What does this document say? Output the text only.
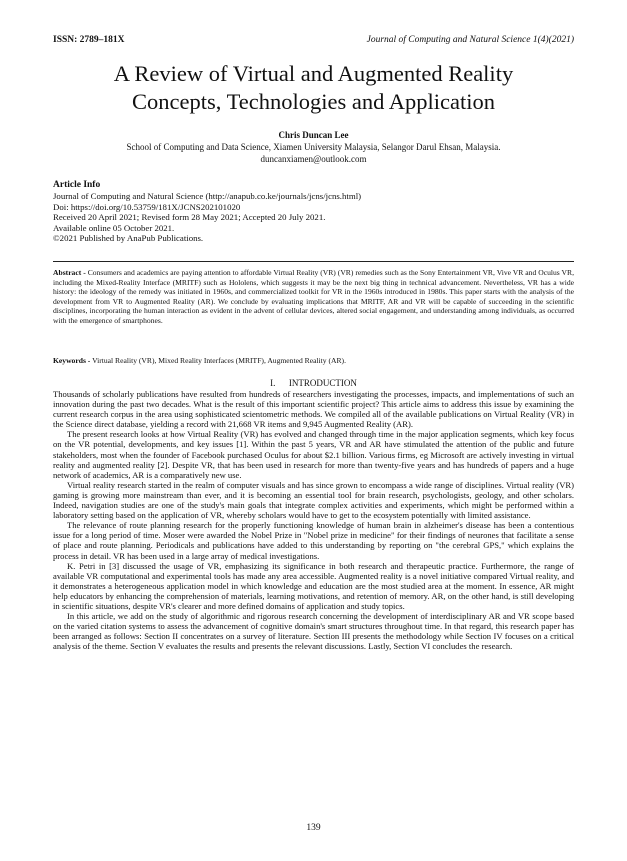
ISSN: 2789–181X	Journal of Computing and Natural Science 1(4)(2021)
A Review of Virtual and Augmented Reality
Concepts, Technologies and Application
Chris Duncan Lee
School of Computing and Data Science, Xiamen University Malaysia, Selangor Darul Ehsan, Malaysia.
duncanxiamen@outlook.com
Article Info
Journal of Computing and Natural Science (http://anapub.co.ke/journals/jcns/jcns.html)
Doi: https://doi.org/10.53759/181X/JCNS202101020
Received 20 April 2021; Revised form 28 May 2021; Accepted 20 July 2021.
Available online 05 October 2021.
©2021 Published by AnaPub Publications.
Abstract - Consumers and academics are paying attention to affordable Virtual Reality (VR) (VR) remedies such as the Sony Entertainment VR, Vive VR and Oculus VR, including the Mixed-Reality Interface (MRITF) such as Hololens, which suggests it may be the next big thing in technical advancement. Nevertheless, VR has a wide history: the ideology of the remedy was initiated in 1960s, and commercialized toolkit for VR in the 1960s introduced in 1980s. This paper starts with the analysis of the development from VR to Augmented Reality (AR). We conclude by evaluating implications that MRITF, AR and VR will be capable of succeeding in the scientific disciplines, incorporating the human interaction as evident in the advent of cellular devices, altered social engagement, and understanding among individuals, as occurred with the emergence of smartphones.
Keywords - Virtual Reality (VR), Mixed Reality Interfaces (MRITF), Augmented Reality (AR).
I.      INTRODUCTION

Thousands of scholarly publications have resulted from hundreds of researchers investigating the processes, impacts, and implementations of such an innovation during the past two decades. What is the result of this important scientific project? This article aims to address this issue by examining the current research corpus in the area using sophisticated scientometric methods. We compiled all of the available publications on Virtual Reality (VR) in the Science direct database, yielding a record with 21,668 VR items and 9,945 Augmented Reality (AR).

The present research looks at how Virtual Reality (VR) has evolved and changed through time in the major application segments, which key focus on the VR potential, developments, and key issues [1]. Within the past 5 years, VR and AR have stimulated the attention of the public and future stakeholders, most when the founder of Facebook purchased Oculus for about $2.1 billion. Various firms, eg Microsoft are actively investing in virtual reality and augmented reality [2]. Despite VR, that has been used in research for more than twenty-five years and has hundreds of papers and a huge network of academics, AR is a comparatively new use.

Virtual reality research started in the realm of computer visuals and has since grown to encompass a wide range of disciplines. Virtual reality (VR) gaming is growing more mainstream than ever, and it is becoming an essential tool for brain research, psychologists, geology, and other scholars. Indeed, navigation studies are one of the study's main goals that integrate complex activities and experiments, which might be performed within a laboratory setting based on the application of VR, whereby scholars would have to get to the ecosystem potentially with limited assistance.

The relevance of route planning research for the properly functioning knowledge of human brain in alzheimer's disease has been a contentious issue for a long period of time. Moser were awarded the Nobel Prize in "Nobel prize in medicine" for their findings of neurones that facilitate a sense of place and route planning. Periodicals and publications have added to this understanding by reporting on "the cerebral GPS," which explains the process in detail. VR has been used in a large array of medical investigations.

K. Petri in [3] discussed the usage of VR, emphasizing its significance in both research and therapeutic practice. Furthermore, the range of available VR computational and experimental tools has made any area accessible. Augmented reality is a novel initiative compared Virtual reality, and it demonstrates a heterogeneous application model in which knowledge and education are the most studied area at the moment. In essence, AR might help educators by enhancing the comprehension of materials, learning motivations, and retention of memory. AR, on the other hand, is still developing in scientific situations, despite VR's clearer and more defined domains of application and study topics.

In this article, we add on the study of algorithmic and rigorous research concerning the development of interdisciplinary AR and VR scope based on the varied citation systems to assess the advancement of cognitive domain's smart structures throughout time. In that regard, this research paper has been arranged as follows: Section II concentrates on a survey of literature. Section III presents the methodology while Section IV focuses on a critical analysis of the theme. Section V evaluates the results and presents the relevant discussions. Lastly, Section VI concludes the research.

139
